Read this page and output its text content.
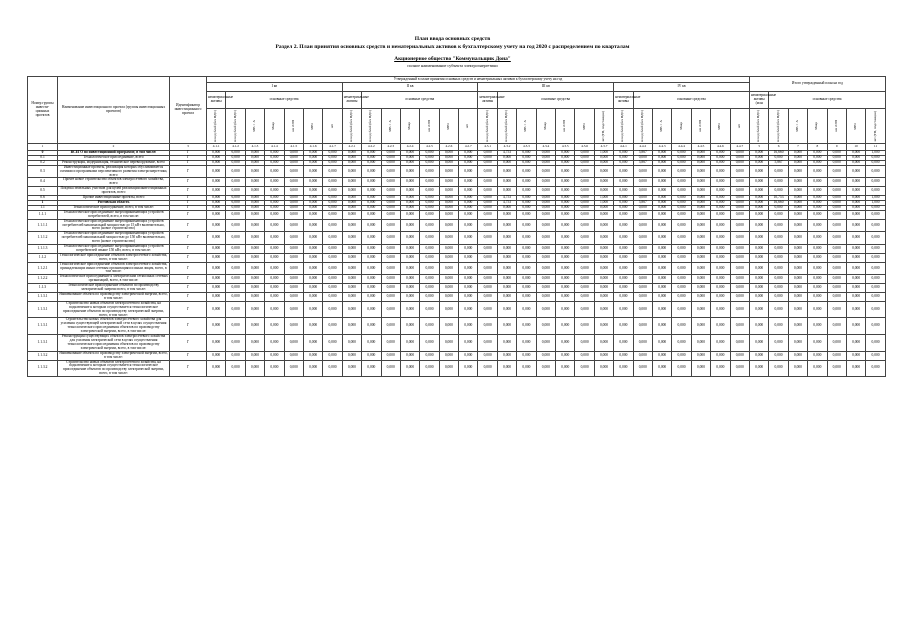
План ввода основных средств
Раздел 2. План принятия основных средств и нематериальных активов к бухгалтерскому учету на год 2020 с распределением по кварталам
Акционерное общество "Коммунальщик Дона"
полное наименование субъекта электроэнергетики
Номер группы инвести-ционных проектов	Наименование инвестиционного проекта (группы инвестиционных проектов)	Идентификатор инвестиционного проекта	Утвержденный в плане принятия основных средств и нематериальных активов к бухгалтерскому учету на год																												Итого утвержденный план на год						
			I кв							II кв							III кв							IV кв													
			нематериальные активы	основные средства						нематериальные активы	основные средства						нематериальные активы	основные средства						нематериальные активы	основные средства						нематериальные активы (млн	основные средства					

			млн рублей (без НДС)	млн рублей (без НДС)	МВ×А	Мвар	км ЛЭП	МВт	шт	млн рублей (без НДС)	млн рублей (без НДС)	МВ×А	Мвар	км ЛЭП	МВт	шт	млн рублей (без НДС)	млн рублей (без НДС)	МВ×А	Мвар	км ЛЭП	МВт	шт (ТП, подстанции)	млн рублей (без НДС)	млн рублей (без НДС)	МВ×А	Мвар	км ЛЭП	МВт	шт	млн рублей (без НДС)	млн рублей (без НДС)	МВ×А	Мвар	км ЛЭП	МВт	шт (ТП, подстанции)

1	2	3	4.1.1	4.1.2	4.1.3	4.1.4	4.1.5	4.1.6	4.1.7	4.2.1	4.2.2	4.2.3	4.2.4	4.2.5	4.2.6	4.2.7	4.3.1	4.3.2	4.3.3	4.3.4	4.3.5	4.3.6	4.3.7	4.4.1	4.4.2	4.4.3	4.4.4	4.4.5	4.4.6	4.4.7	5	6	7	8	9	10	11
0	ВСЕГО по инвестиционной программе, в том числе:	Г	0,000	6,000	0,000	0,000	0,000	0,000	0,000	0,000	0,000	0,000	0,000	0,000	0,000	0,000	0,000	4,753	0,000	0,000	0,000	0,000	1,000	0,000	5,867	0,000	0,000	0,000	0,000	0,000	0,000	16,660	0,000	0,000	0,000	0,000	1,000
0.1	Технологическое присоединение, всего	Г	0,000	0,000	0,000	0,000	0,000	0,000	0,000	0,000	0,000	0,000	0,000	0,000	0,000	0,000	0,000	0,000	0,000	0,000	0,000	0,000	0,000	0,000	0,000	0,000	0,000	0,000	0,000	0,000	0,000	0,000	0,000	0,000	0,000	0,000	0,000
0.2	Реконструкция, модернизация, техническое перевооружение, всего	Г	0,000	0,000	0,000	0,000	0,000	0,000	0,000	0,000	0,000	0,000	0,000	0,000	0,000	0,000	0,000	0,000	0,000	0,000	0,000	0,000	0,000	0,000	5,867	0,000	0,000	0,000	0,000	0,000	0,000	5,867	0,000	0,000	0,000	0,000	0,000
0.3	Инвестиционные проекты, реализация которых обуславливается схемами и программами перспективного развития электроэнергетики, всего	Г	0,000	0,000	0,000	0,000	0,000	0,000	0,000	0,000	0,000	0,000	0,000	0,000	0,000	0,000	0,000	0,000	0,000	0,000	0,000	0,000	0,000	0,000	0,000	0,000	0,000	0,000	0,000	0,000	0,000	0,000	0,000	0,000	0,000	0,000	0,000
0.4	Прочее новое строительство объектов электросетевого хозяйства, всего	Г	0,000	0,000	0,000	0,000	0,000	0,000	0,000	0,000	0,000	0,000	0,000	0,000	0,000	0,000	0,000	0,000	0,000	0,000	0,000	0,000	0,000	0,000	0,000	0,000	0,000	0,000	0,000	0,000	0,000	0,000	0,000	0,000	0,000	0,000	0,000
0.5	Покупка земельных участков для целей реализации инвестиционных проектов, всего	Г	0,000	0,000	0,000	0,000	0,000	0,000	0,000	0,000	0,000	0,000	0,000	0,000	0,000	0,000	0,000	0,000	0,000	0,000	0,000	0,000	0,000	0,000	0,000	0,000	0,000	0,000	0,000	0,000	0,000	0,000	0,000	0,000	0,000	0,000	0,000
0.6	Прочие инвестиционные проекты, всего	Г	0,000	6,000	0,000	0,000	0,000	0,000	0,000	0,000	0,000	0,000	0,000	0,000	0,000	0,000	0,000	4,753	0,000	0,000	0,000	0,000	1,000	0,000	0,000	0,000	0,000	0,000	0,000	0,000	0,000	10,753	0,000	0,000	0,000	0,000	1,000
1	Ростовская область	Г	0,000	6,000	0,000	0,000	0,000	0,000	0,000	0,000	0,000	0,000	0,000	0,000	0,000	0,000	0,000	4,753	0,000	0,000	0,000	0,000	1,000	0,000	5,867	0,000	0,000	0,000	0,000	0,000	0,000	16,660	0,000	0,000	0,000	0,000	1,000
1.1	Технологическое присоединение, всего, в том числе:	Г	0,000	0,000	0,000	0,000	0,000	0,000	0,000	0,000	0,000	0,000	0,000	0,000	0,000	0,000	0,000	0,000	0,000	0,000	0,000	0,000	0,000	0,000	0,000	0,000	0,000	0,000	0,000	0,000	0,000	0,000	0,000	0,000	0,000	0,000	0,000
1.1.1	Технологическое присоединение энергопринимающих устройств потребителей, всего, в том числе:	Г	0,000	0,000	0,000	0,000	0,000	0,000	0,000	0,000	0,000	0,000	0,000	0,000	0,000	0,000	0,000	0,000	0,000	0,000	0,000	0,000	0,000	0,000	0,000	0,000	0,000	0,000	0,000	0,000	0,000	0,000	0,000	0,000	0,000	0,000	0,000
1.1.1.1	Технологическое присоединение энергопринимающих устройств потребителей максимальной мощностью до 15 кВт включительно, всего (новое строительство)	Г	0,000	0,000	0,000	0,000	0,000	0,000	0,000	0,000	0,000	0,000	0,000	0,000	0,000	0,000	0,000	0,000	0,000	0,000	0,000	0,000	0,000	0,000	0,000	0,000	0,000	0,000	0,000	0,000	0,000	0,000	0,000	0,000	0,000	0,000	0,000
1.1.1.2	Технологическое присоединение энергопринимающих устройств потребителей максимальной мощностью до 150 кВт включительно, всего (новое строительство)	Г	0,000	0,000	0,000	0,000	0,000	0,000	0,000	0,000	0,000	0,000	0,000	0,000	0,000	0,000	0,000	0,000	0,000	0,000	0,000	0,000	0,000	0,000	0,000	0,000	0,000	0,000	0,000	0,000	0,000	0,000	0,000	0,000	0,000	0,000	0,000
1.1.1.3	Технологическое присоединение энергопринимающих устройств потребителей свыше 150 кВт, всего, в том числе:	Г	0,000	0,000	0,000	0,000	0,000	0,000	0,000	0,000	0,000	0,000	0,000	0,000	0,000	0,000	0,000	0,000	0,000	0,000	0,000	0,000	0,000	0,000	0,000	0,000	0,000	0,000	0,000	0,000	0,000	0,000	0,000	0,000	0,000	0,000	0,000
1.1.2	Технологическое присоединение объектов электросетевого хозяйства, всего, в том числе:	Г	0,000	0,000	0,000	0,000	0,000	0,000	0,000	0,000	0,000	0,000	0,000	0,000	0,000	0,000	0,000	0,000	0,000	0,000	0,000	0,000	0,000	0,000	0,000	0,000	0,000	0,000	0,000	0,000	0,000	0,000	0,000	0,000	0,000	0,000	0,000
1.1.2.1	Технологическое присоединение объектов электросетевого хозяйства, принадлежащих иным сетевым организациям и иным лицам, всего, в том числе:	Г	0,000	0,000	0,000	0,000	0,000	0,000	0,000	0,000	0,000	0,000	0,000	0,000	0,000	0,000	0,000	0,000	0,000	0,000	0,000	0,000	0,000	0,000	0,000	0,000	0,000	0,000	0,000	0,000	0,000	0,000	0,000	0,000	0,000	0,000	0,000
1.1.2.2	Технологическое присоединение к электрическим сетям иных сетевых организаций, всего, в том числе:	Г	0,000	0,000	0,000	0,000	0,000	0,000	0,000	0,000	0,000	0,000	0,000	0,000	0,000	0,000	0,000	0,000	0,000	0,000	0,000	0,000	0,000	0,000	0,000	0,000	0,000	0,000	0,000	0,000	0,000	0,000	0,000	0,000	0,000	0,000	0,000
1.1.3	Технологическое присоединение объектов по производству электрической энергии всего, в том числе:	Г	0,000	0,000	0,000	0,000	0,000	0,000	0,000	0,000	0,000	0,000	0,000	0,000	0,000	0,000	0,000	0,000	0,000	0,000	0,000	0,000	0,000	0,000	0,000	0,000	0,000	0,000	0,000	0,000	0,000	0,000	0,000	0,000	0,000	0,000	0,000
1.1.3.1	Наименование объекта по производству электрической энергии, всего, в том числе:	Г	0,000	0,000	0,000	0,000	0,000	0,000	0,000	0,000	0,000	0,000	0,000	0,000	0,000	0,000	0,000	0,000	0,000	0,000	0,000	0,000	0,000	0,000	0,000	0,000	0,000	0,000	0,000	0,000	0,000	0,000	0,000	0,000	0,000	0,000	0,000
1.1.3.1	Строительство новых объектов электросетевого хозяйства, на подключение к которым осуществляется технологическое присоединение объектов по производству электрической энергии, всего, в том числе:	Г	0,000	0,000	0,000	0,000	0,000	0,000	0,000	0,000	0,000	0,000	0,000	0,000	0,000	0,000	0,000	0,000	0,000	0,000	0,000	0,000	0,000	0,000	0,000	0,000	0,000	0,000	0,000	0,000	0,000	0,000	0,000	0,000	0,000	0,000	0,000
1.1.3.1	Строительство новых объектов электросетевого хозяйства для усиления существующей электрической сети в целях осуществления технологического присоединения объектов по производству электрической энергии, всего, в том числе:	Г	0,000	0,000	0,000	0,000	0,000	0,000	0,000	0,000	0,000	0,000	0,000	0,000	0,000	0,000	0,000	0,000	0,000	0,000	0,000	0,000	0,000	0,000	0,000	0,000	0,000	0,000	0,000	0,000	0,000	0,000	0,000	0,000	0,000	0,000	0,000
1.1.3.1	Реконструкция существующих объектов электросетевого хозяйства для усиления электрической сети в целях осуществления технологического присоединения объектов по производству электрической энергии, всего, в том числе:	Г	0,000	0,000	0,000	0,000	0,000	0,000	0,000	0,000	0,000	0,000	0,000	0,000	0,000	0,000	0,000	0,000	0,000	0,000	0,000	0,000	0,000	0,000	0,000	0,000	0,000	0,000	0,000	0,000	0,000	0,000	0,000	0,000	0,000	0,000	0,000
1.1.3.2	Наименование объекта по производству электрической энергии, всего, в том числе:	Г	0,000	0,000	0,000	0,000	0,000	0,000	0,000	0,000	0,000	0,000	0,000	0,000	0,000	0,000	0,000	0,000	0,000	0,000	0,000	0,000	0,000	0,000	0,000	0,000	0,000	0,000	0,000	0,000	0,000	0,000	0,000	0,000	0,000	0,000	0,000
1.1.3.2	Строительство новых объектов электросетевого хозяйства, на подключение к которым осуществляется технологическое присоединение объектов по производству электрической энергии, всего, в том числе:	Г	0,000	0,000	0,000	0,000	0,000	0,000	0,000	0,000	0,000	0,000	0,000	0,000	0,000	0,000	0,000	0,000	0,000	0,000	0,000	0,000	0,000	0,000	0,000	0,000	0,000	0,000	0,000	0,000	0,000	0,000	0,000	0,000	0,000	0,000	0,000
